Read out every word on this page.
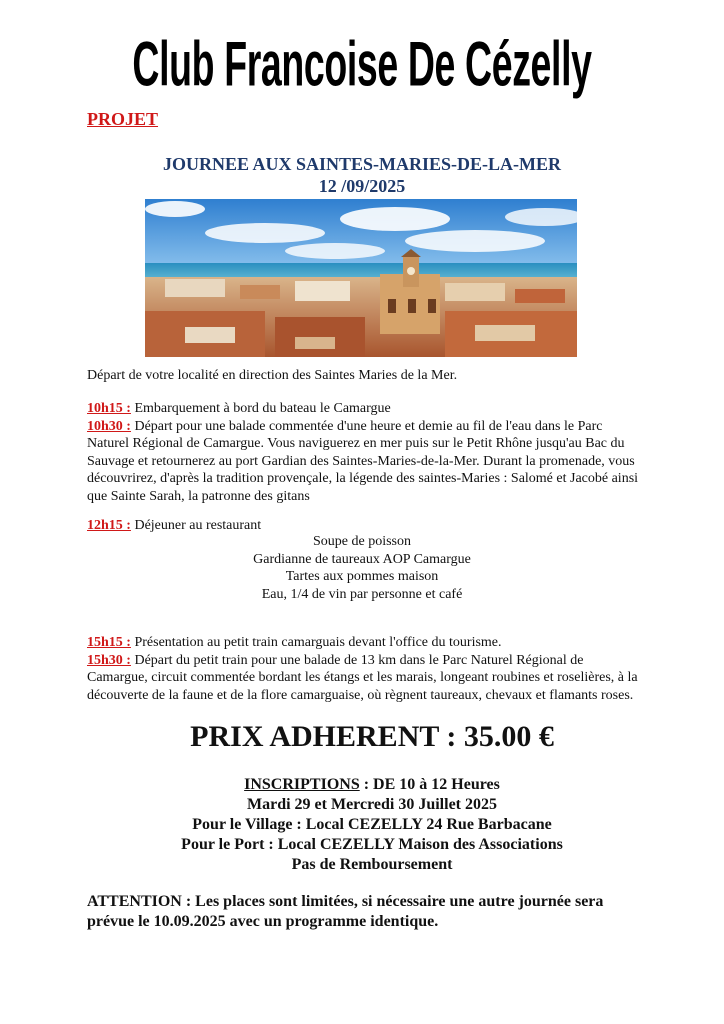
Club Francoise De Cézelly
PROJET
JOURNEE AUX SAINTES-MARIES-DE-LA-MER
12 /09/2025
Départ de votre localité en direction des Saintes Maries de la Mer.
10h15 : Embarquement à bord du bateau le Camargue
10h30 : Départ pour une balade commentée d'une heure et demie au fil de l'eau dans le Parc Naturel Régional de Camargue. Vous naviguerez en mer puis sur le Petit Rhône jusqu'au Bac du Sauvage et retournerez au port Gardian des Saintes-Maries-de-la-Mer. Durant la promenade, vous découvrirez, d'après la tradition provençale, la légende des saintes-Maries : Salomé et Jacobé ainsi que Sainte Sarah, la patronne des gitans
12h15 : Déjeuner au restaurant
Soupe de poisson
Gardianne de taureaux AOP Camargue
Tartes aux pommes maison
Eau, 1/4 de vin par personne et café
15h15 : Présentation au petit train camarguais devant l'office du tourisme.
15h30 : Départ du petit train pour une balade de 13 km dans le Parc Naturel Régional de Camargue, circuit commentée bordant les étangs et les marais, longeant roubines et roselières, à la découverte de la faune et de la flore camarguaise, où règnent taureaux, chevaux et flamants roses.
PRIX ADHERENT : 35.00 €
INSCRIPTIONS : DE 10 à 12 Heures
Mardi 29 et Mercredi 30 Juillet 2025
Pour le Village : Local CEZELLY 24 Rue Barbacane
Pour le Port : Local CEZELLY Maison des Associations
Pas de Remboursement
ATTENTION : Les places sont limitées, si nécessaire une autre journée sera prévue le 10.09.2025 avec un programme identique.
